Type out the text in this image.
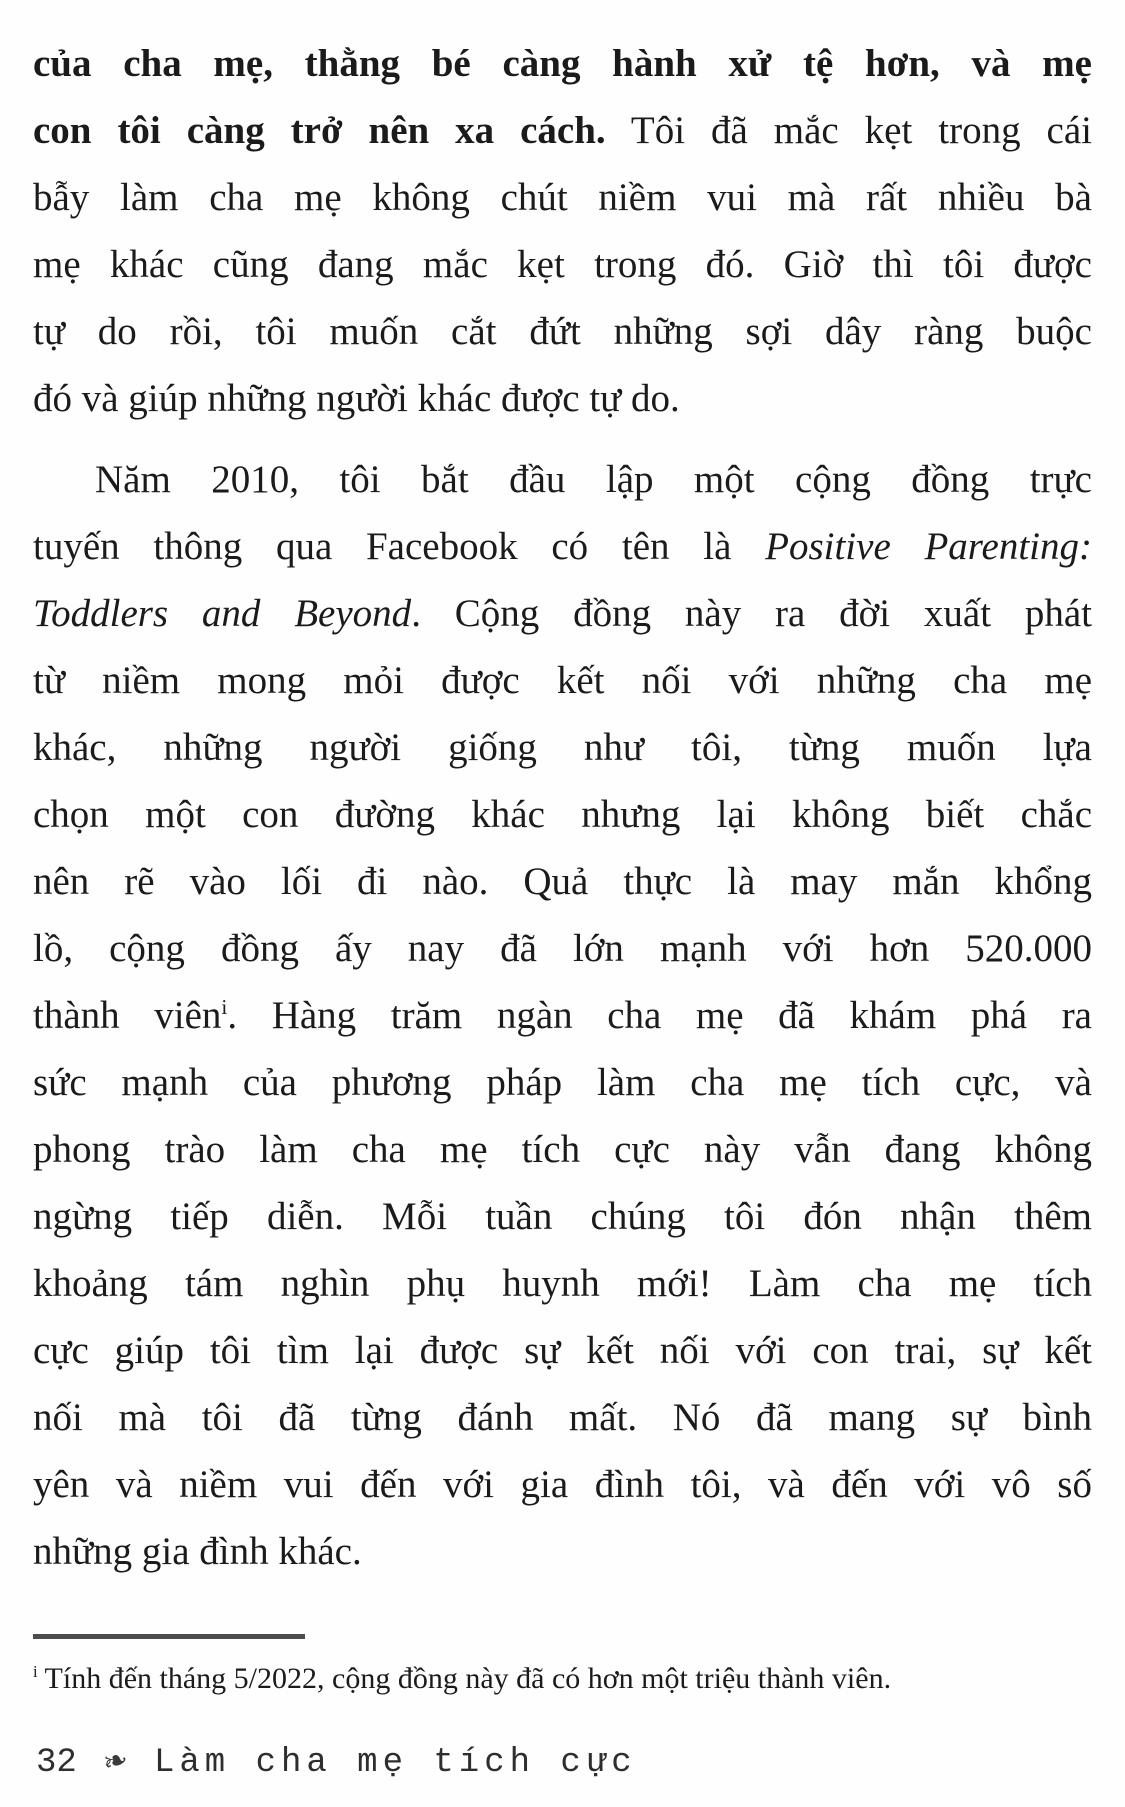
của cha mẹ, thằng bé càng hành xử tệ hơn, và mẹ
con tôi càng trở nên xa cách. Tôi đã mắc kẹt trong cái
bẫy làm cha mẹ không chút niềm vui mà rất nhiều bà
mẹ khác cũng đang mắc kẹt trong đó. Giờ thì tôi được
tự do rồi, tôi muốn cắt đứt những sợi dây ràng buộc
đó và giúp những người khác được tự do.
Năm 2010, tôi bắt đầu lập một cộng đồng trực
tuyến thông qua Facebook có tên là Positive Parenting:
Toddlers and Beyond. Cộng đồng này ra đời xuất phát
từ niềm mong mỏi được kết nối với những cha mẹ
khác, những người giống như tôi, từng muốn lựa
chọn một con đường khác nhưng lại không biết chắc
nên rẽ vào lối đi nào. Quả thực là may mắn khổng
lồ, cộng đồng ấy nay đã lớn mạnh với hơn 520.000
thành viên$^i$. Hàng trăm ngàn cha mẹ đã khám phá ra
sức mạnh của phương pháp làm cha mẹ tích cực, và
phong trào làm cha mẹ tích cực này vẫn đang không
ngừng tiếp diễn. Mỗi tuần chúng tôi đón nhận thêm
khoảng tám nghìn phụ huynh mới! Làm cha mẹ tích
cực giúp tôi tìm lại được sự kết nối với con trai, sự kết
nối mà tôi đã từng đánh mất. Nó đã mang sự bình
yên và niềm vui đến với gia đình tôi, và đến với vô số
những gia đình khác.
$^i$ Tính đến tháng 5/2022, cộng đồng này đã có hơn một triệu thành viên.
32 ❧ Làm cha mẹ tích cực
